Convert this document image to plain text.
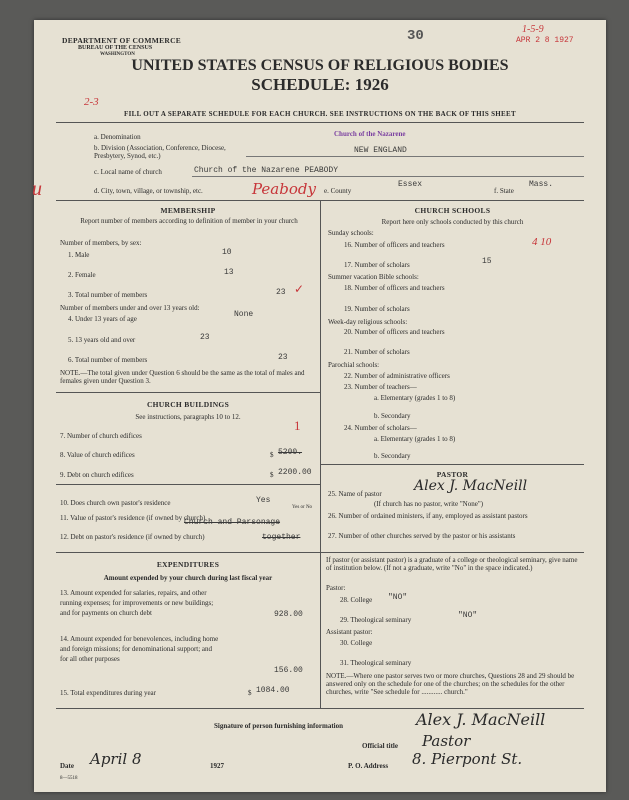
DEPARTMENT OF COMMERCE
BUREAU OF THE CENSUS
WASHINGTON
30	1-5-9
APR 2 8 1927
UNITED STATES CENSUS OF RELIGIOUS BODIES
SCHEDULE: 1926
2-3
FILL OUT A SEPARATE SCHEDULE FOR EACH CHURCH. SEE INSTRUCTIONS ON THE BACK OF THIS SHEET
a. Denomination	Church of the Nazarene
b. Division (Association, Conference, Diocese, Presbytery, Synod, etc.)
NEW ENGLAND
c. Local name of church	Church of the Nazarene PEABODY
u	d. City, town, village, or township, etc.	Peabody e. County
Essex
f. State
Mass.
MEMBERSHIP
Report number of members according to definition of member in your church
Number of members, by sex:
1. Male	10
2. Female	13
3. Total number of members	23 ✓
Number of members under and over 13 years old:
4. Under 13 years of age	None
5. 13 years old and over	23
6. Total number of members	23
NOTE.—The total given under Question 6 should be the same as the total of males and females given under Question 3.
CHURCH BUILDINGS
See instructions, paragraphs 10 to 12.
7. Number of church edifices
1
8. Value of church edifices	$ 5200.
9. Debt on church edifices	$ 2200.00
10. Does church own pastor's residence	Yes
Yes or No
11. Value of pastor's residence (if owned by church)
Church and Parsonage
12. Debt on pastor's residence (if owned by church)	together
EXPENDITURES
Amount expended by your church during last fiscal year
13. Amount expended for salaries, repairs, and other running expenses; for improvements or new buildings; and for payments on church debt	928.00
14. Amount expended for benevolences, including home and foreign missions; for denominational support; and for all other purposes
156.00
15. Total expenditures during year	$ 1084.00
CHURCH SCHOOLS
Report here only schools conducted by this church
Sunday schools:
16. Number of officers and teachers	4 10
17. Number of scholars	15
Summer vacation Bible schools:
18. Number of officers and teachers
19. Number of scholars
Week-day religious schools:
20. Number of officers and teachers
21. Number of scholars
Parochial schools:
22. Number of administrative officers
23. Number of teachers—
a. Elementary (grades 1 to 8)
b. Secondary
24. Number of scholars—
a. Elementary (grades 1 to 8)
b. Secondary
PASTOR
25. Name of pastor Alex J. MacNeill
(If church has no pastor, write "None")
26. Number of ordained ministers, if any, employed as assistant pastors
27. Number of other churches served by the pastor or his assistants
If pastor (or assistant pastor) is a graduate of a college or theological seminary, give name of institution below. (If not a graduate, write "No" in the space indicated.)
Pastor:
28. College "NO"
29. Theological seminary	"NO"
Assistant pastor:
30. College
31. Theological seminary
NOTE.—Where one pastor serves two or more churches, Questions 28 and 29 should be answered only on the schedule for one of the churches; on the schedules for the other churches, write "See schedule for ............ church."
Signature of person furnishing information	Alex J. MacNeill
Official title Pastor
Date April 8	1927	P. O. Address 8. Pierpont St.
8—5518
